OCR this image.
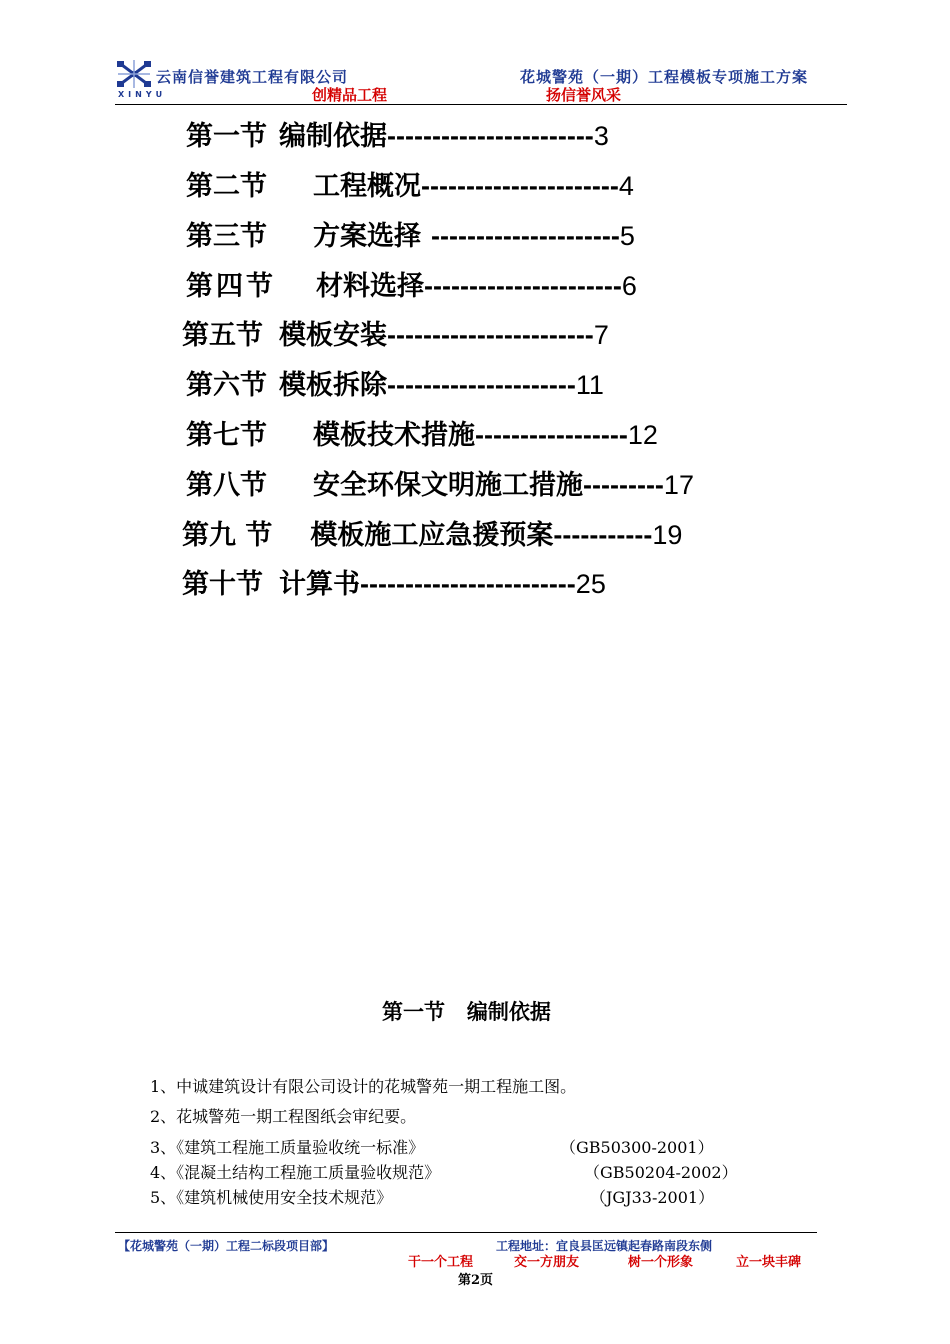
XINYU
云南信誉建筑工程有限公司
创精品工程
花城警苑（一期）工程模板专项施工方案
扬信誉风采
第一节 编制依据-----------------------3
第二节 工程概况----------------------4
第三节 方案选择 ---------------------5
第四节 材料选择----------------------6
第五节 模板安装-----------------------7
第六节 模板拆除---------------------11
第七节 模板技术措施-----------------12
第八节 安全环保文明施工措施---------17
第九 节 模板施工应急援预案-----------19
第十节 计算书------------------------25
第一节   编制依据
1、中诚建筑设计有限公司设计的花城警苑一期工程施工图。
2、花城警苑一期工程图纸会审纪要。
3、《建筑工程施工质量验收统一标准》	（GB50300-2001）
4、《混凝土结构工程施工质量验收规范》	（GB50204-2002）
5、《建筑机械使用安全技术规范》	（JGJ33-2001）
【花城警苑（一期）工程二标段项目部】	工程地址：宜良县匡远镇起春路南段东侧
干一个工程	交一方朋友	树一个形象	立一块丰碑
第2页
